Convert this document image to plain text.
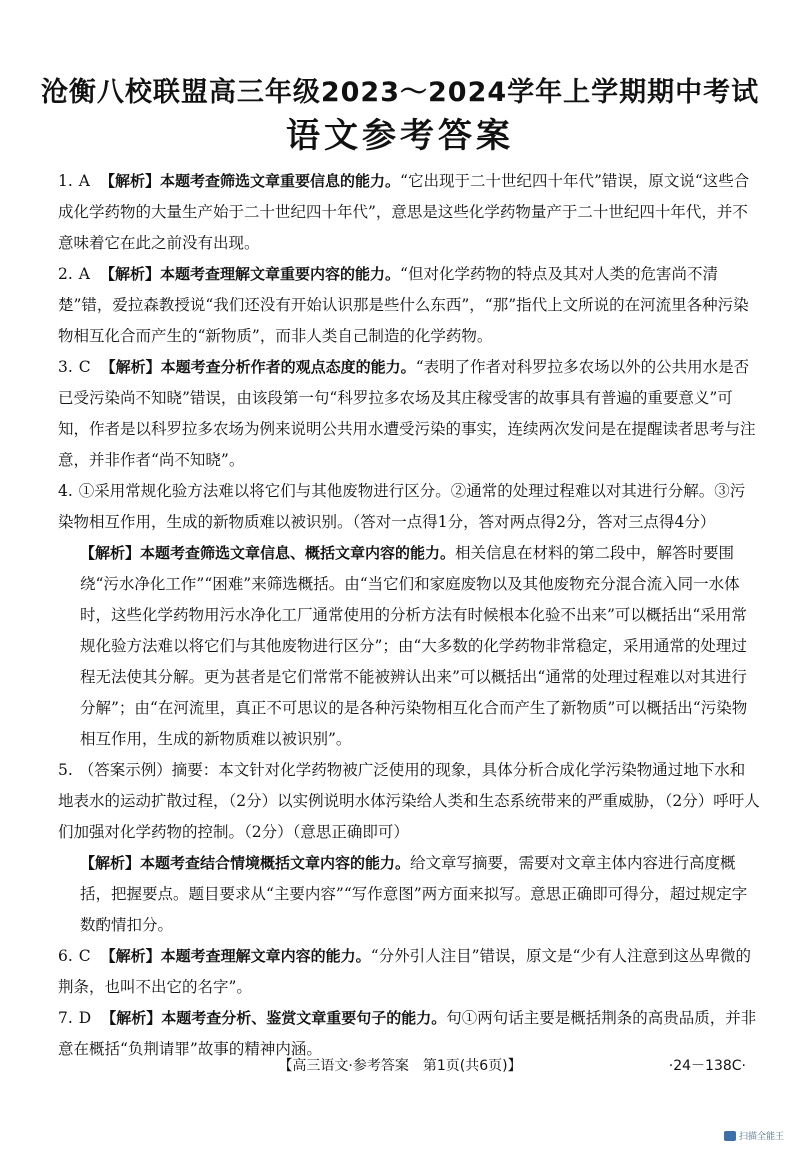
沧衡八校联盟高三年级2023～2024学年上学期期中考试
语文参考答案

1. A 【解析】本题考查筛选文章重要信息的能力。“它出现于二十世纪四十年代”错误，原文说“这些合成化学药物的大量生产始于二十世纪四十年代”，意思是这些化学药物量产于二十世纪四十年代，并不意味着它在此之前没有出现。

2. A 【解析】本题考查理解文章重要内容的能力。“但对化学药物的特点及其对人类的危害尚不清楚”错，爱拉森教授说“我们还没有开始认识那是些什么东西”，“那”指代上文所说的在河流里各种污染物相互化合而产生的“新物质”，而非人类自己制造的化学药物。

3. C 【解析】本题考查分析作者的观点态度的能力。“表明了作者对科罗拉多农场以外的公共用水是否已受污染尚不知晓”错误，由该段第一句“科罗拉多农场及其庄稼受害的故事具有普遍的重要意义”可知，作者是以科罗拉多农场为例来说明公共用水遭受污染的事实，连续两次发问是在提醒读者思考与注意，并非作者“尚不知晓”。

4. ①采用常规化验方法难以将它们与其他废物进行区分。②通常的处理过程难以对其进行分解。③污染物相互作用，生成的新物质难以被识别。（答对一点得1分，答对两点得2分，答对三点得4分）

【解析】本题考查筛选文章信息、概括文章内容的能力。相关信息在材料的第二段中，解答时要围绕“污水净化工作”“困难”来筛选概括。由“当它们和家庭废物以及其他废物充分混合流入同一水体时，这些化学药物用污水净化工厂通常使用的分析方法有时候根本化验不出来”可以概括出“采用常规化验方法难以将它们与其他废物进行区分”；由“大多数的化学药物非常稳定，采用通常的处理过程无法使其分解。更为甚者是它们常常不能被辨认出来”可以概括出“通常的处理过程难以对其进行分解”；由“在河流里，真正不可思议的是各种污染物相互化合而产生了新物质”可以概括出“污染物相互作用，生成的新物质难以被识别”。

5. （答案示例）摘要：本文针对化学药物被广泛使用的现象，具体分析合成化学污染物通过地下水和地表水的运动扩散过程，（2分）以实例说明水体污染给人类和生态系统带来的严重威胁，（2分）呼吁人们加强对化学药物的控制。（2分）（意思正确即可）

【解析】本题考查结合情境概括文章内容的能力。给文章写摘要，需要对文章主体内容进行高度概括，把握要点。题目要求从“主要内容”“写作意图”两方面来拟写。意思正确即可得分，超过规定字数酌情扣分。

6. C 【解析】本题考查理解文章内容的能力。“分外引人注目”错误，原文是“少有人注意到这丛卑微的荆条，也叫不出它的名字”。

7. D 【解析】本题考查分析、鉴赏文章重要句子的能力。句①两句话主要是概括荆条的高贵品质，并非意在概括“负荆请罪”故事的精神内涵。

【高三语文·参考答案　第1页(共6页)】	·24－138C·
扫描全能王
